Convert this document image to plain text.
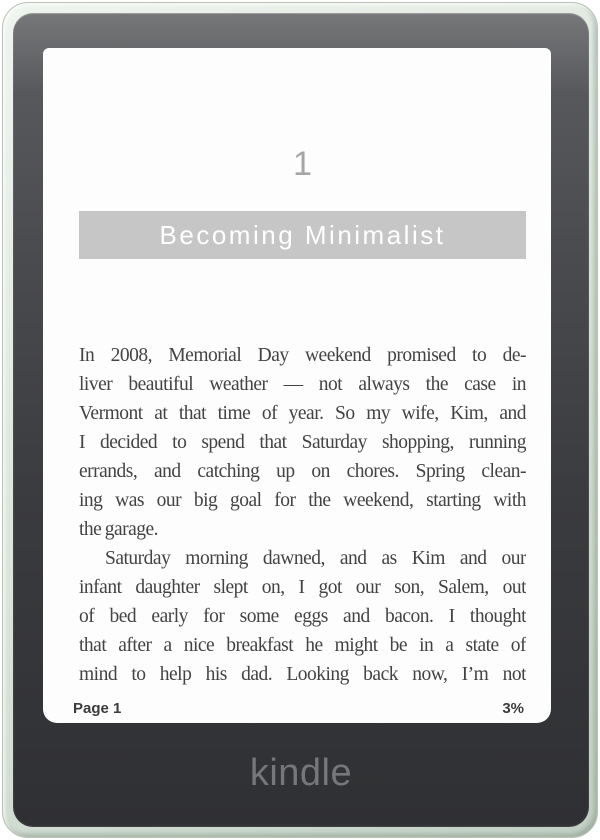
1
Becoming Minimalist
In 2008, Memorial Day weekend promised to de-
liver beautiful weather — not always the case in
Vermont at that time of year. So my wife, Kim, and
I decided to spend that Saturday shopping, running
errands, and catching up on chores. Spring clean-
ing was our big goal for the weekend, starting with
the garage.
Saturday morning dawned, and as Kim and our
infant daughter slept on, I got our son, Salem, out
of bed early for some eggs and bacon. I thought
that after a nice breakfast he might be in a state of
mind to help his dad. Looking back now, I’m not
Page 1	3%
kindle
